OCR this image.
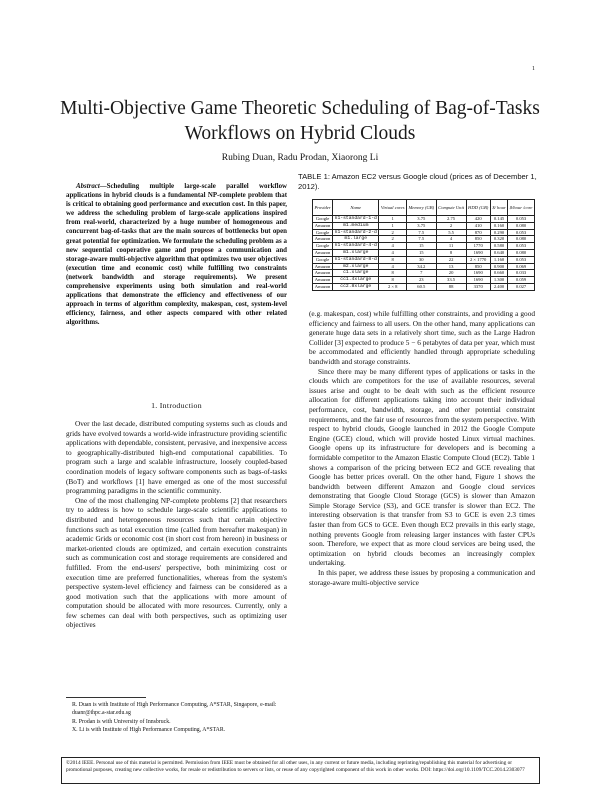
1
Multi-Objective Game Theoretic Scheduling of Bag-of-Tasks Workflows on Hybrid Clouds
Rubing Duan, Radu Prodan, Xiaorong Li
Abstract—Scheduling multiple large-scale parallel workflow applications in hybrid clouds is a fundamental NP-complete problem that is critical to obtaining good performance and execution cost. In this paper, we address the scheduling problem of large-scale applications inspired from real-world, characterized by a huge number of homogeneous and concurrent bag-of-tasks that are the main sources of bottlenecks but open great potential for optimization. We formulate the scheduling problem as a new sequential cooperative game and propose a communication and storage-aware multi-objective algorithm that optimizes two user objectives (execution time and economic cost) while fulfilling two constraints (network bandwidth and storage requirements). We present comprehensive experiments using both simulation and real-world applications that demonstrate the efficiency and effectiveness of our approach in terms of algorithm complexity, makespan, cost, system-level efficiency, fairness, and other aspects compared with other related algorithms.
1. Introduction

Over the last decade, distributed computing systems such as clouds and grids have evolved towards a world-wide infrastructure providing scientific applications with dependable, consistent, pervasive, and inexpensive access to geographically-distributed high-end computational capabilities. To program such a large and scalable infrastructure, loosely coupled-based coordination models of legacy software components such as bags-of-tasks (BoT) and workflows [1] have emerged as one of the most successful programming paradigms in the scientific community.

One of the most challenging NP-complete problems [2] that researchers try to address is how to schedule large-scale scientific applications to distributed and heterogeneous resources such that certain objective functions such as total execution time (called from hereafter makespan) in academic Grids or economic cost (in short cost from hereon) in business or market-oriented clouds are optimized, and certain execution constraints such as communication cost and storage requirements are considered and fulfilled. From the end-users' perspective, both minimizing cost or execution time are preferred functionalities, whereas from the system's perspective system-level efficiency and fairness can be considered as a good motivation such that the applications with more amount of computation should be allocated with more resources. Currently, only a few schemes can deal with both perspectives, such as optimizing user objectives

R. Duan is with Institute of High Performance Computing, A*STAR, Singapore, e-mail: duanr@ihpc.a-star.edu.sg
R. Prodan is with University of Innsbruck.
X. Li is with Institute of High Performance Computing, A*STAR.
TABLE 1: Amazon EC2 versus Google cloud (prices as of December 1, 2012).
Provider	Name	Virtual cores	Memory (GB)	Compute Unit	HDD (GB)	$/ hour	$/hour /core
Google	n1-standard-1-d	1	3.75	2.75	420	0.145	0.053
Amazon	m1.medium	1	3.75	2	410	0.160	0.080
Google	n1-standard-2-d	2	7.5	5.5	870	0.290	0.053
Amazon	m1.large	2	7.5	4	850	0.320	0.080
Google	n1-standard-4-d	4	15	11	1770	0.580	0.053
Amazon	m1.xlarge	4	15	8	1690	0.640	0.080
Google	n1-standard-8-d	8	30	22	2 × 1770	1.160	0.053
Amazon	m2.xlarge	4	34.2	13	850	0.900	0.069
Amazon	c1.xlarge	8	7	20	1690	0.660	0.033
Amazon	cc1.4xlarge	8	23	33.5	1690	1.300	0.059
Amazon	cc2.8xlarge	2 × 8	60.5	88	3370	2.400	0.027

(e.g. makespan, cost) while fulfilling other constraints, and providing a good efficiency and fairness to all users. On the other hand, many applications can generate huge data sets in a relatively short time, such as the Large Hadron Collider [3] expected to produce 5 − 6 petabytes of data per year, which must be accommodated and efficiently handled through appropriate scheduling bandwidth and storage constraints.

Since there may be many different types of applications or tasks in the clouds which are competitors for the use of available resources, several issues arise and ought to be dealt with such as the efficient resource allocation for different applications taking into account their individual performance, cost, bandwidth, storage, and other potential constraint requirements, and the fair use of resources from the system perspective. With respect to hybrid clouds, Google launched in 2012 the Google Compute Engine (GCE) cloud, which will provide hosted Linux virtual machines. Google opens up its infrastructure for developers and is becoming a formidable competitor to the Amazon Elastic Compute Cloud (EC2). Table 1 shows a comparison of the pricing between EC2 and GCE revealing that Google has better prices overall. On the other hand, Figure 1 shows the bandwidth between different Amazon and Google cloud services demonstrating that Google Cloud Storage (GCS) is slower than Amazon Simple Storage Service (S3), and GCE transfer is slower than EC2. The interesting observation is that transfer from S3 to GCE is even 2.3 times faster than from GCS to GCE. Even though EC2 prevails in this early stage, nothing prevents Google from releasing larger instances with faster CPUs soon. Therefore, we expect that as more cloud services are being used, the optimization on hybrid clouds becomes an increasingly complex undertaking.

In this paper, we address these issues by proposing a communication and storage-aware multi-objective service

©2014 IEEE. Personal use of this material is permitted. Permission from IEEE must be obtained for all other uses, in any current or future media, including reprinting/republishing this material for advertising or promotional purposes, creating new collective works, for resale or redistribution to servers or lists, or reuse of any copyrighted component of this work in other works. DOI: https://doi.org/10.1109/TCC.2014.2303077
